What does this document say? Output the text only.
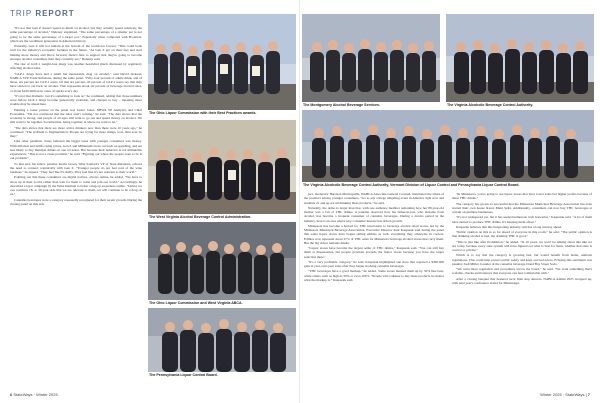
TRIP REPORT

"It's not that Gen Z doesn't spend as much on alcohol, but they actually spend relatively the same percentage of alcohol," Delenay explained. "The same percentage of a smaller pot is not going to be the same percentage of a larger pot." Especially when compared with Boomers, which are the wealthiest generation in American history.

Naturally, Gen Z will not remain at the bottom of the workforce forever. "This could bode well for the industry's economic fortunes in the future. "As Gen Z get on their feet and start making more money and move forward, there's data to support that they're going to become stronger alcohol consumers than they currently are," Delenay said.

The rise of GLP-1 weight-loss drugs was another headwind much discussed by regulatory affecting alcohol sales.

"GLP-1 drugs have had a small but measurable drag on alcohol," said David Jackson, NABCA SVP Trade Relations, during the same panel. "Fifty-four percent of adults drink, and of those, six percent are GLP-1 users. Of that six percent, 45 percent of GLP-1 users say that they have started to cut back on alcohol. That represents about six percent of beverage alcohol sales, or about $100 million in cases of spirits every day.

"It's not that dramatic, but it's something to look at," he continued, adding that those numbers were before GLP-1 drugs become generically available, and cheaper to buy – meaning more trouble may lie ahead here.

Painting a rosier picture on the panel was Lester Jones, NBWA VP Analytics and Chief Economist. "I'm not convinced that the sales aren't coming," he said. "The data shows that the economy is strong, and people of all ages still want to go out and spend money on alcohol. We still want to be together. Socialization, being together, is where we want to be."

"The data shows that there are more active drinkers now than there were 10 years ago," he continued. "The problem is fragmentation: People are trying far more things, now, than ever do they."

Like other panelists, Jones believed the bigger issue with younger consumers was money. With inflation and tariffs rising prices, Gen Z and Millennials have cut back on spending, and are less likely to buy multiple drinks on one occasion. But because their behavior is not immutable experiences: "This is not a cause problem," he said. "Figuring out where the people want to be is our problem."

To that end, his fellow panelist Kevin Groen, West Sanford's VP of State Relations, echoed the need to connect organically with Gen Z. "Younger people do not feel part of the wine business," he argued. "They feel like it's stuffy. They feel like it's not relevant to their world."

Pointing out that these consumers are digital natives, always online, he added, "We have to show up in their world, rather than wait for them to come and join our world." Accordingly, he described a layer campaign by the Wine Institute to better category awareness online. "Unless we can convince 18- to 30-year-olds that we are relevant to them, we will continue to be a drag on us."

Cannabis beverages were a category repeatedly recognized for their recent growth. During the closing panel on this sub-

The Ohio Liquor Commission with their Best Practices awards.
The West Virginia Alcohol Beverage Control Administration.
The Ohio Liquor Commission and West Virginia ABCA.
The Pennsylvania Liquor Control Board.
6 StateWays · Winter 2025
The Montgomery Alcohol Beverage Services.	The Virginia Alcoholic Beverage Control Authority.
The Virginia Alcoholic Beverage Control Authority, Vermont Division of Liquor Control and Pennsylvania Liquor Control Board.

ject, moderator Harrison Marticguilla, NABCA Associate General Counsel, mentioned the allure of the products among younger consumers. "Go to any college tailgating event in America right now and students 21 and up are all drinking these products," he said.

Naturally, the demo is larger than that, with one audience member remarking how her 80-year-old mother was a fan of THC drinks. A panelist observed how his father-in-law, who abstains from alcohol, has become a frequent consumer of cannabis beverages. During a downs period in the industry, here is an area where new consumer interest has driven growth.

Minnesota has become a hotbed for THC innovation to beverage alcohol retail stores, led by the Minnesota Municipal Beverage Association. Executive Director Paul Kaspszak said during the panel that some liquor stores have begun selling edibles as well, everything they otherwise in coolers. Edibles now represent about 27% of THC sales for Minnesota beverage alcohol stores that carry them. But the big driver remains drinks.

"Liquor stores have become the largest seller of THC drinks," Kaspszak said. "You can still buy them at dispensaries, but people gravitate towards the liquor stores because you have the larger selection there."

"It's a very profitable category," he said. Kaspszak highlighted one store that reported a $300,000 gain in year-over-year sales after they began stocking cannabis beverages.

"THC beverages have a good markup," he added. Some stores marked them up by 50% like beer, while others went as high as 50% or even 100%. "People will continue to buy these products no matter what the markup is." Kaspszak said.

"In Minnesota, you're going to see liquor stores that have lower sales but higher profits because of these THC drinks."

The category has grown so successful that the Minnesota Municipal Beverage Association has even started their own house brand, Muni Seltz. Additionally, consumers can now buy THC beverages at certain on-premise businesses.

"It's not widespread yet, but it has seeded numerous craft breweries," Kaspszak said. "A lot of them have started to produce THC drinks. It's keeping them afloat."

Kaspszak believes that this burgeoning industry still has a long runway ahead.

"Public opinion on this is so far ahead of everyone in this room," he said. "The public opinion is that drinking alcohol is bad, but drinking THC is good."

"This is just like after Prohibition," he added. "In 10 years, we won't be talking about this like we are today, because every state system will have figured out what is best for them, whether that state is control or private."

Which is to say that the category is growing fast, but would benefit from better, uniform regulations. This could help protect public safety and keep out bad actors. Echoing this sentiment was panelist Josh Miller, founder of the cannabis beverage brand Bay Street Soda.

"We want more regulation and procedures across the board," he said. "We want something that's scalable, checks and balances that everyone can feel comfortable with."

After a closing banquet that featured local Irish step dancers, NABCA Admin 2025 wrapped up, with next year's conference slated for Mississippi.

Winter 2025 · StateWays | 7
